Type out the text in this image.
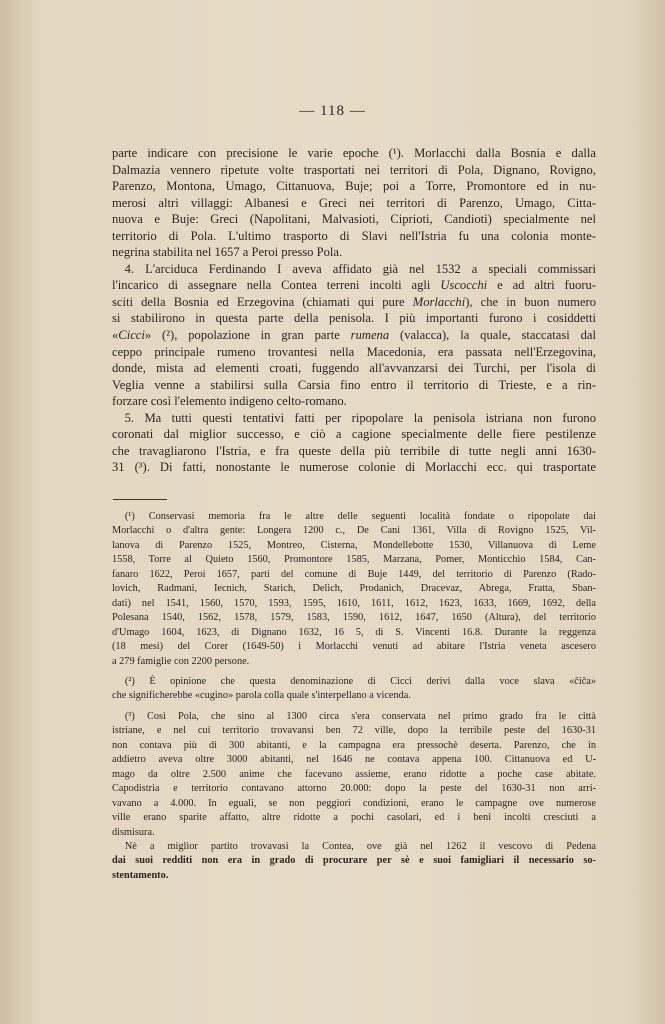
— 118 —
parte indicare con precisione le varie epoche (¹). Morlacchi dalla Bosnia e dalla
Dalmazia vennero ripetute volte trasportati nei territori di Pola, Dignano, Rovigno,
Parenzo, Montona, Umago, Cittanuova, Buje; poi a Torre, Promontore ed in nu-
merosi altri villaggi: Albanesi e Greci nei territori di Parenzo, Umago, Citta-
nuova e Buje: Greci (Napolitani, Malvasioti, Ciprioti, Candioti) specialmente nel
territorio di Pola. L'ultimo trasporto di Slavi nell'Istria fu una colonia monte-
negrina stabilita nel 1657 a Peroi presso Pola.
4. L'arciduca Ferdinando I aveva affidato già nel 1532 a speciali commissari
l'incarico di assegnare nella Contea terreni incolti agli Uscocchi e ad altri fuoru-
sciti della Bosnia ed Erzegovina (chiamati qui pure Morlacchi), che in buon numero
si stabilirono in questa parte della penisola. I più importanti furono i cosiddetti
«Cicci» (²), popolazione in gran parte rumena (valacca), la quale, staccatasi dal
ceppo principale rumeno trovantesi nella Macedonia, era passata nell'Erzegovina,
donde, mista ad elementi croati, fuggendo all'avvanzarsi dei Turchi, per l'isola di
Veglia venne a stabilirsi sulla Carsia fino entro il territorio di Trieste, e a rin-
forzare così l'elemento indigeno celto-romano.
5. Ma tutti questi tentativi fatti per ripopolare la penisola istriana non furono
coronati dal miglior successo, e ciò a cagione specialmente delle fiere pestilenze
che travagliarono l'Istria, e fra queste della più terribile di tutte negli anni 1630-
31 (³). Di fatti, nonostante le numerose colonie di Morlacchi ecc. qui trasportate
(¹) Conservasi memoria fra le altre delle seguenti località fondate o ripopolate dai
Morlacchi o d'altra gente: Longera 1200 c., De Cani 1361, Villa di Rovigno 1525, Vil-
lanova di Parenzo 1525, Montreo, Cisterna, Mondellebotte 1530, Villanuova di Leme
1558, Torre al Quieto 1560, Promontore 1585, Marzana, Pomer, Monticchio 1584, Can-
fanaro 1622, Peroi 1657, parti del comune di Buje 1449, del territorio di Parenzo (Rado-
lovich, Radmani, Iecnich, Starich, Delich, Prodanich, Dracevaz, Abrega, Fratta, Sban-
dati) nel 1541, 1560, 1570, 1593, 1595, 1610, 1611, 1612, 1623, 1633, 1669, 1692, della
Polesana 1540, 1562, 1578, 1579, 1583, 1590, 1612, 1647, 1650 (Altura), del territorio
d'Umago 1604, 1623, di Dignano 1632, 16 5, di S. Vincenti 16.8. Durante la reggenza
(18 mesi) del Corer (1649-50) i Morlacchi venuti ad abitare l'Istria veneta ascesero
a 279 famiglie con 2200 persone.
(²) È opinione che questa denominazione di Cicci derivi dalla voce slava «čiča»
che significherebbe «cugino» parola colla quale s'interpellano a vicenda.
(³) Così Pola, che sino al 1300 circa s'era conservata nel primo grado fra le città
istriane, e nel cui territorio trovavansi ben 72 ville, dopo la terribile peste del 1630-31
non contava più di 300 abitanti, e la campagna era pressochè deserta. Parenzo, che in
addietro aveva oltre 3000 abitanti, nel 1646 ne contava appena 100. Cittanuova ed U-
mago da oltre 2.500 anime che facevano assieme, erano ridotte a poche case abitate.
Capodistria e territorio contavano attorno 20.000: dopo la peste del 1630-31 non arri-
vavano a 4.000. In eguali, se non peggiori condizioni, erano le campagne ove numerose
ville erano sparite affatto, altre ridotte a pochi casolari, ed i beni incolti cresciuti a
dismisura.
Nè a miglior partito trovavasi la Contea, ove già nel 1262 il vescovo di Pedena
dai suoi redditi non era in grado di procurare per sè e suoi famigliari il necessario so-
stentamento.
